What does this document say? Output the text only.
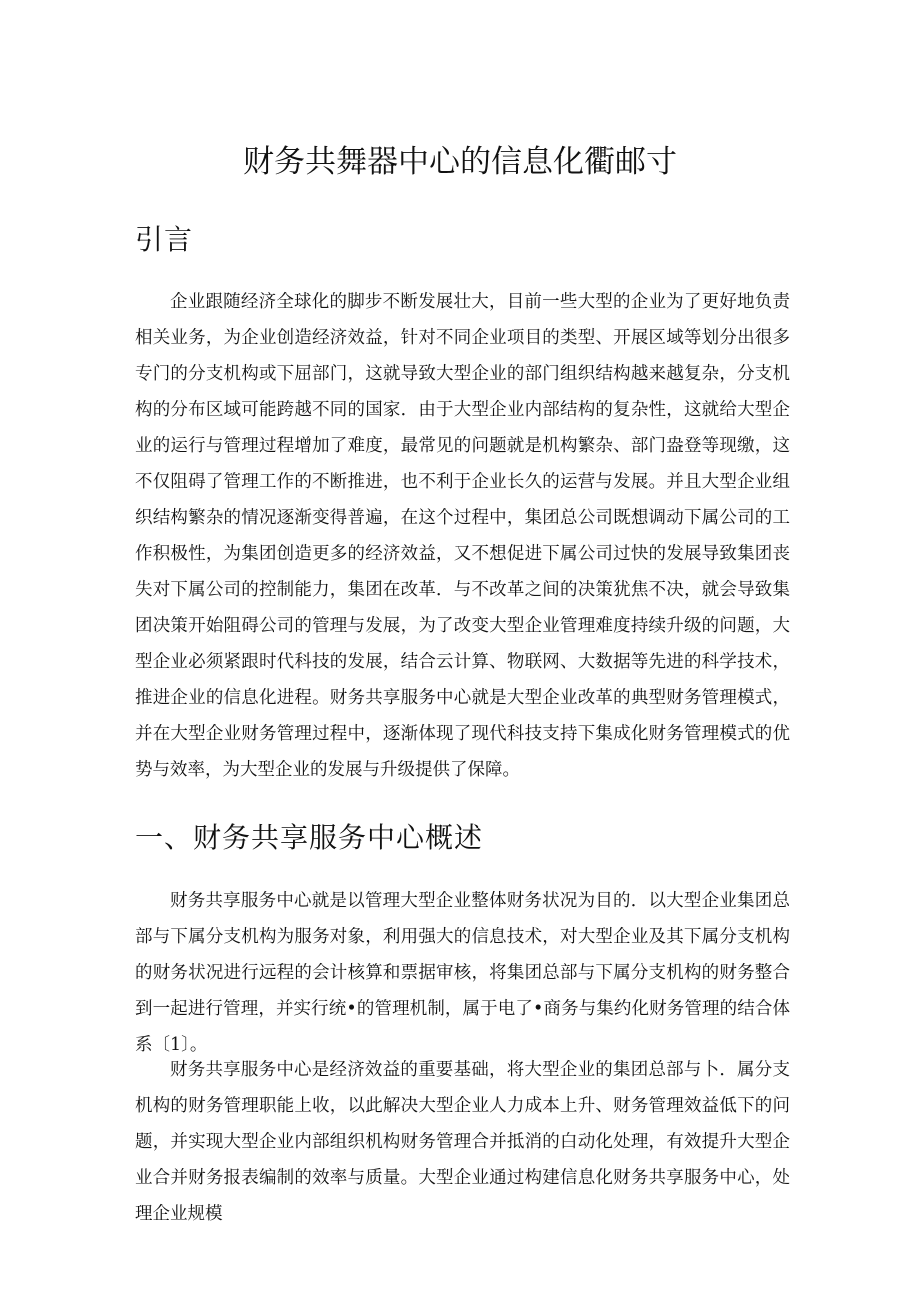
财务共舞器中心的信息化衢邮寸
引言

企业跟随经济全球化的脚步不断发展壮大，目前一些大型的企业为了更好地负责相关业务，为企业创造经济效益，针对不同企业项目的类型、开展区域等划分出很多专门的分支机构或下屈部门，这就导致大型企业的部门组织结构越来越复杂，分支机构的分布区域可能跨越不同的国家．由于大型企业内部结构的复杂性，这就给大型企业的运行与管理过程增加了难度，最常见的问题就是机构繁杂、部门盎登等现缴，这不仅阻碍了管理工作的不断推进，也不利于企业长久的运营与发展。并且大型企业组织结构繁杂的情况逐渐变得普遍，在这个过程中，集团总公司既想调动下属公司的工作积极性，为集团创造更多的经济效益，又不想促进下属公司过快的发展导致集团丧失对下属公司的控制能力，集团在改革．与不改革之间的决策犹焦不决，就会导致集团决策开始阻碍公司的管理与发展，为了改变大型企业管理难度持续升级的问题，大型企业必须紧跟时代科技的发展，结合云计算、物联网、大数据等先进的科学技术，推进企业的信息化进程。财务共享服务中心就是大型企业改革的典型财务管理模式，并在大型企业财务管理过程中，逐渐体现了现代科技支持下集成化财务管理模式的优势与效率，为大型企业的发展与升级提供了保障。

一、财务共享服务中心概述

财务共享服务中心就是以管理大型企业整体财务状况为目的．以大型企业集团总部与下属分支机构为服务对象，利用强大的信息技术，对大型企业及其下属分支机构的财务状况进行远程的会计核算和票据审核，将集团总部与下属分支机构的财务整合到一起进行管理，并实行统•的管理机制，属于电了•商务与集约化财务管理的结合体系〔1〕。

财务共享服务中心是经济效益的重要基础，将大型企业的集团总部与卜．属分支机构的财务管理职能上收，以此解决大型企业人力成本上升、财务管理效益低下的问题，并实现大型企业内部组织机构财务管理合并抵消的白动化处理，有效提升大型企业合并财务报表编制的效率与质量。大型企业通过构建信息化财务共享服务中心，处理企业规模
